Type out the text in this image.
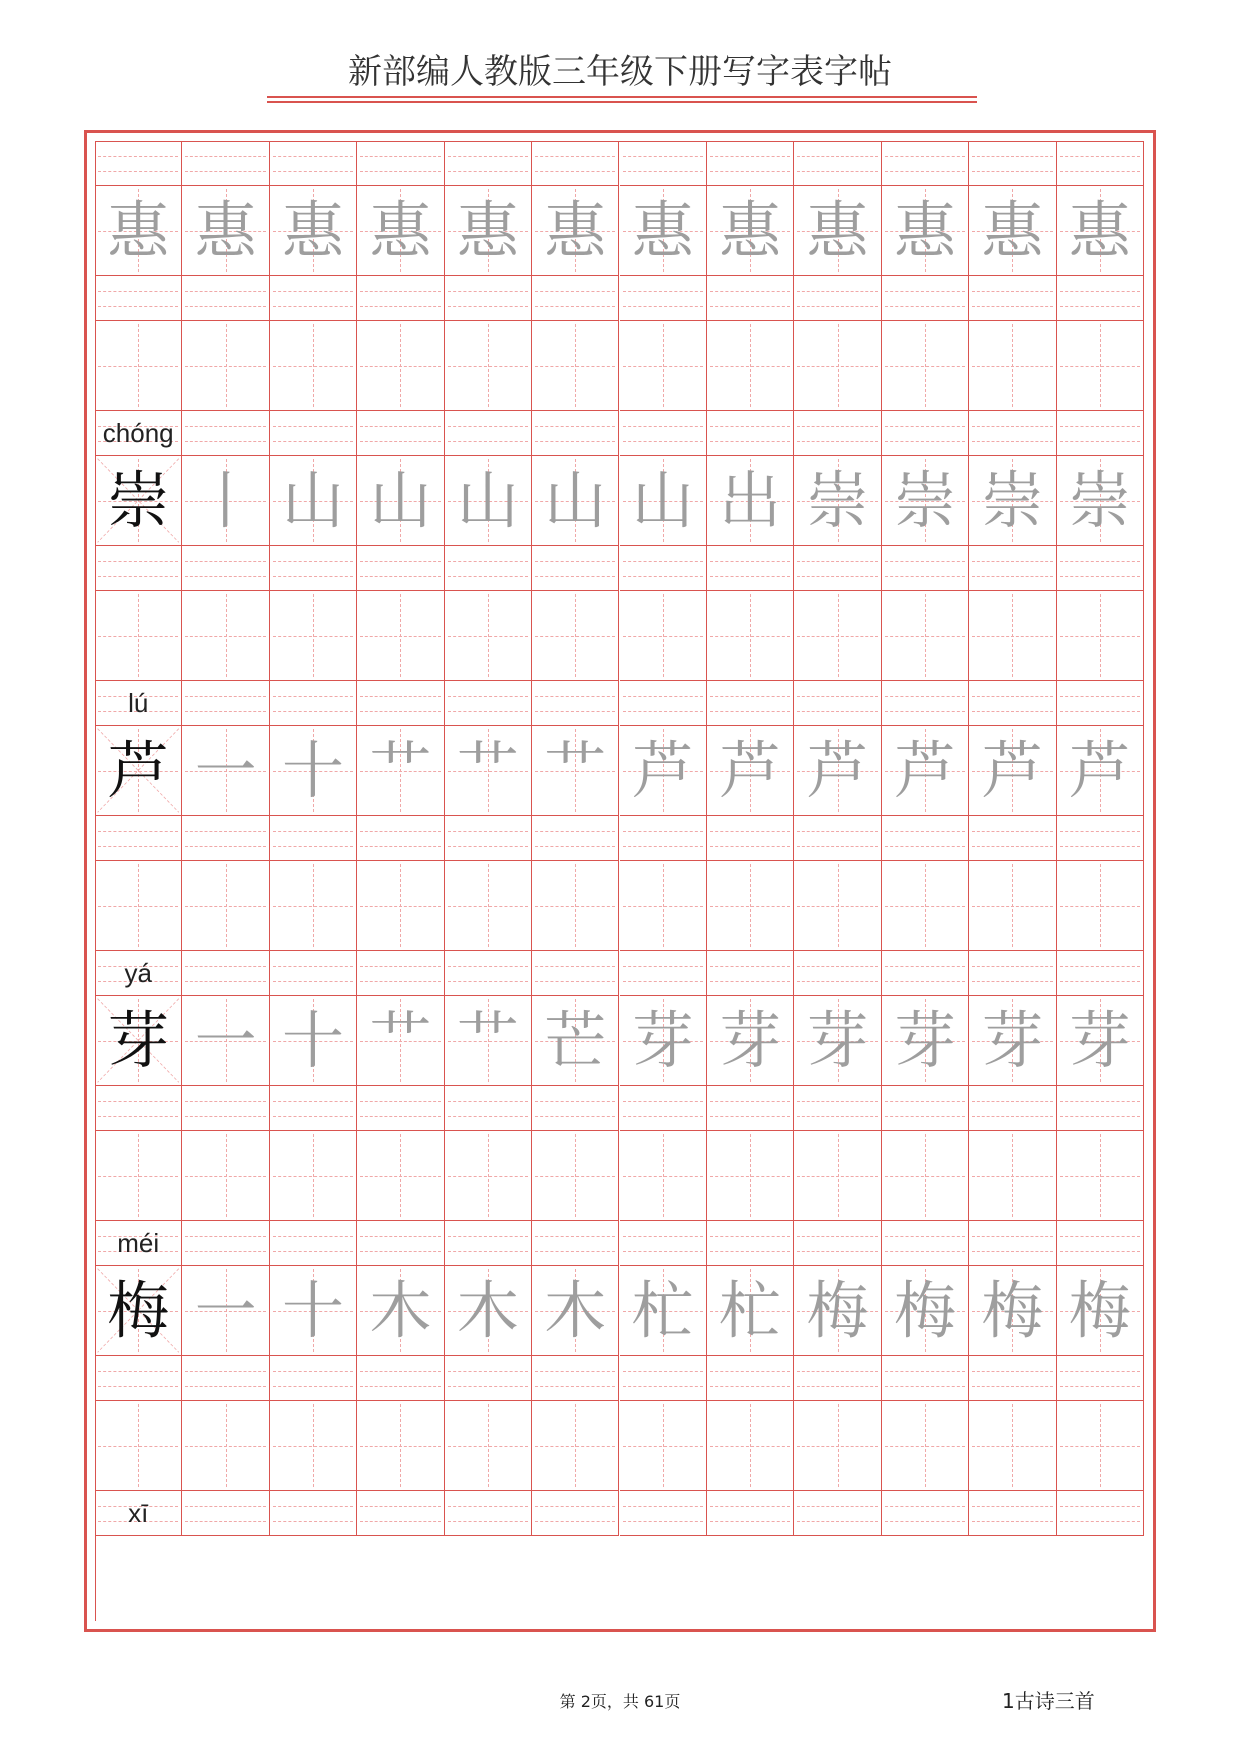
新部编人教版三年级下册写字表字帖
惠 惠 惠 惠 惠 惠 惠 惠 惠 惠 惠 惠
chóng
崇 丨 山 山 山 山 山 出 崇 崇 崇 崇
lú
芦 一 十 艹 艹 艹 芦 芦 芦 芦 芦 芦
yá
芽 一 十 艹 艹 芒 芽 芽 芽 芽 芽 芽
méi
梅 一 十 木 木 木 杧 杧 梅 梅 梅 梅
xī
第 2页，共 61页	1古诗三首
